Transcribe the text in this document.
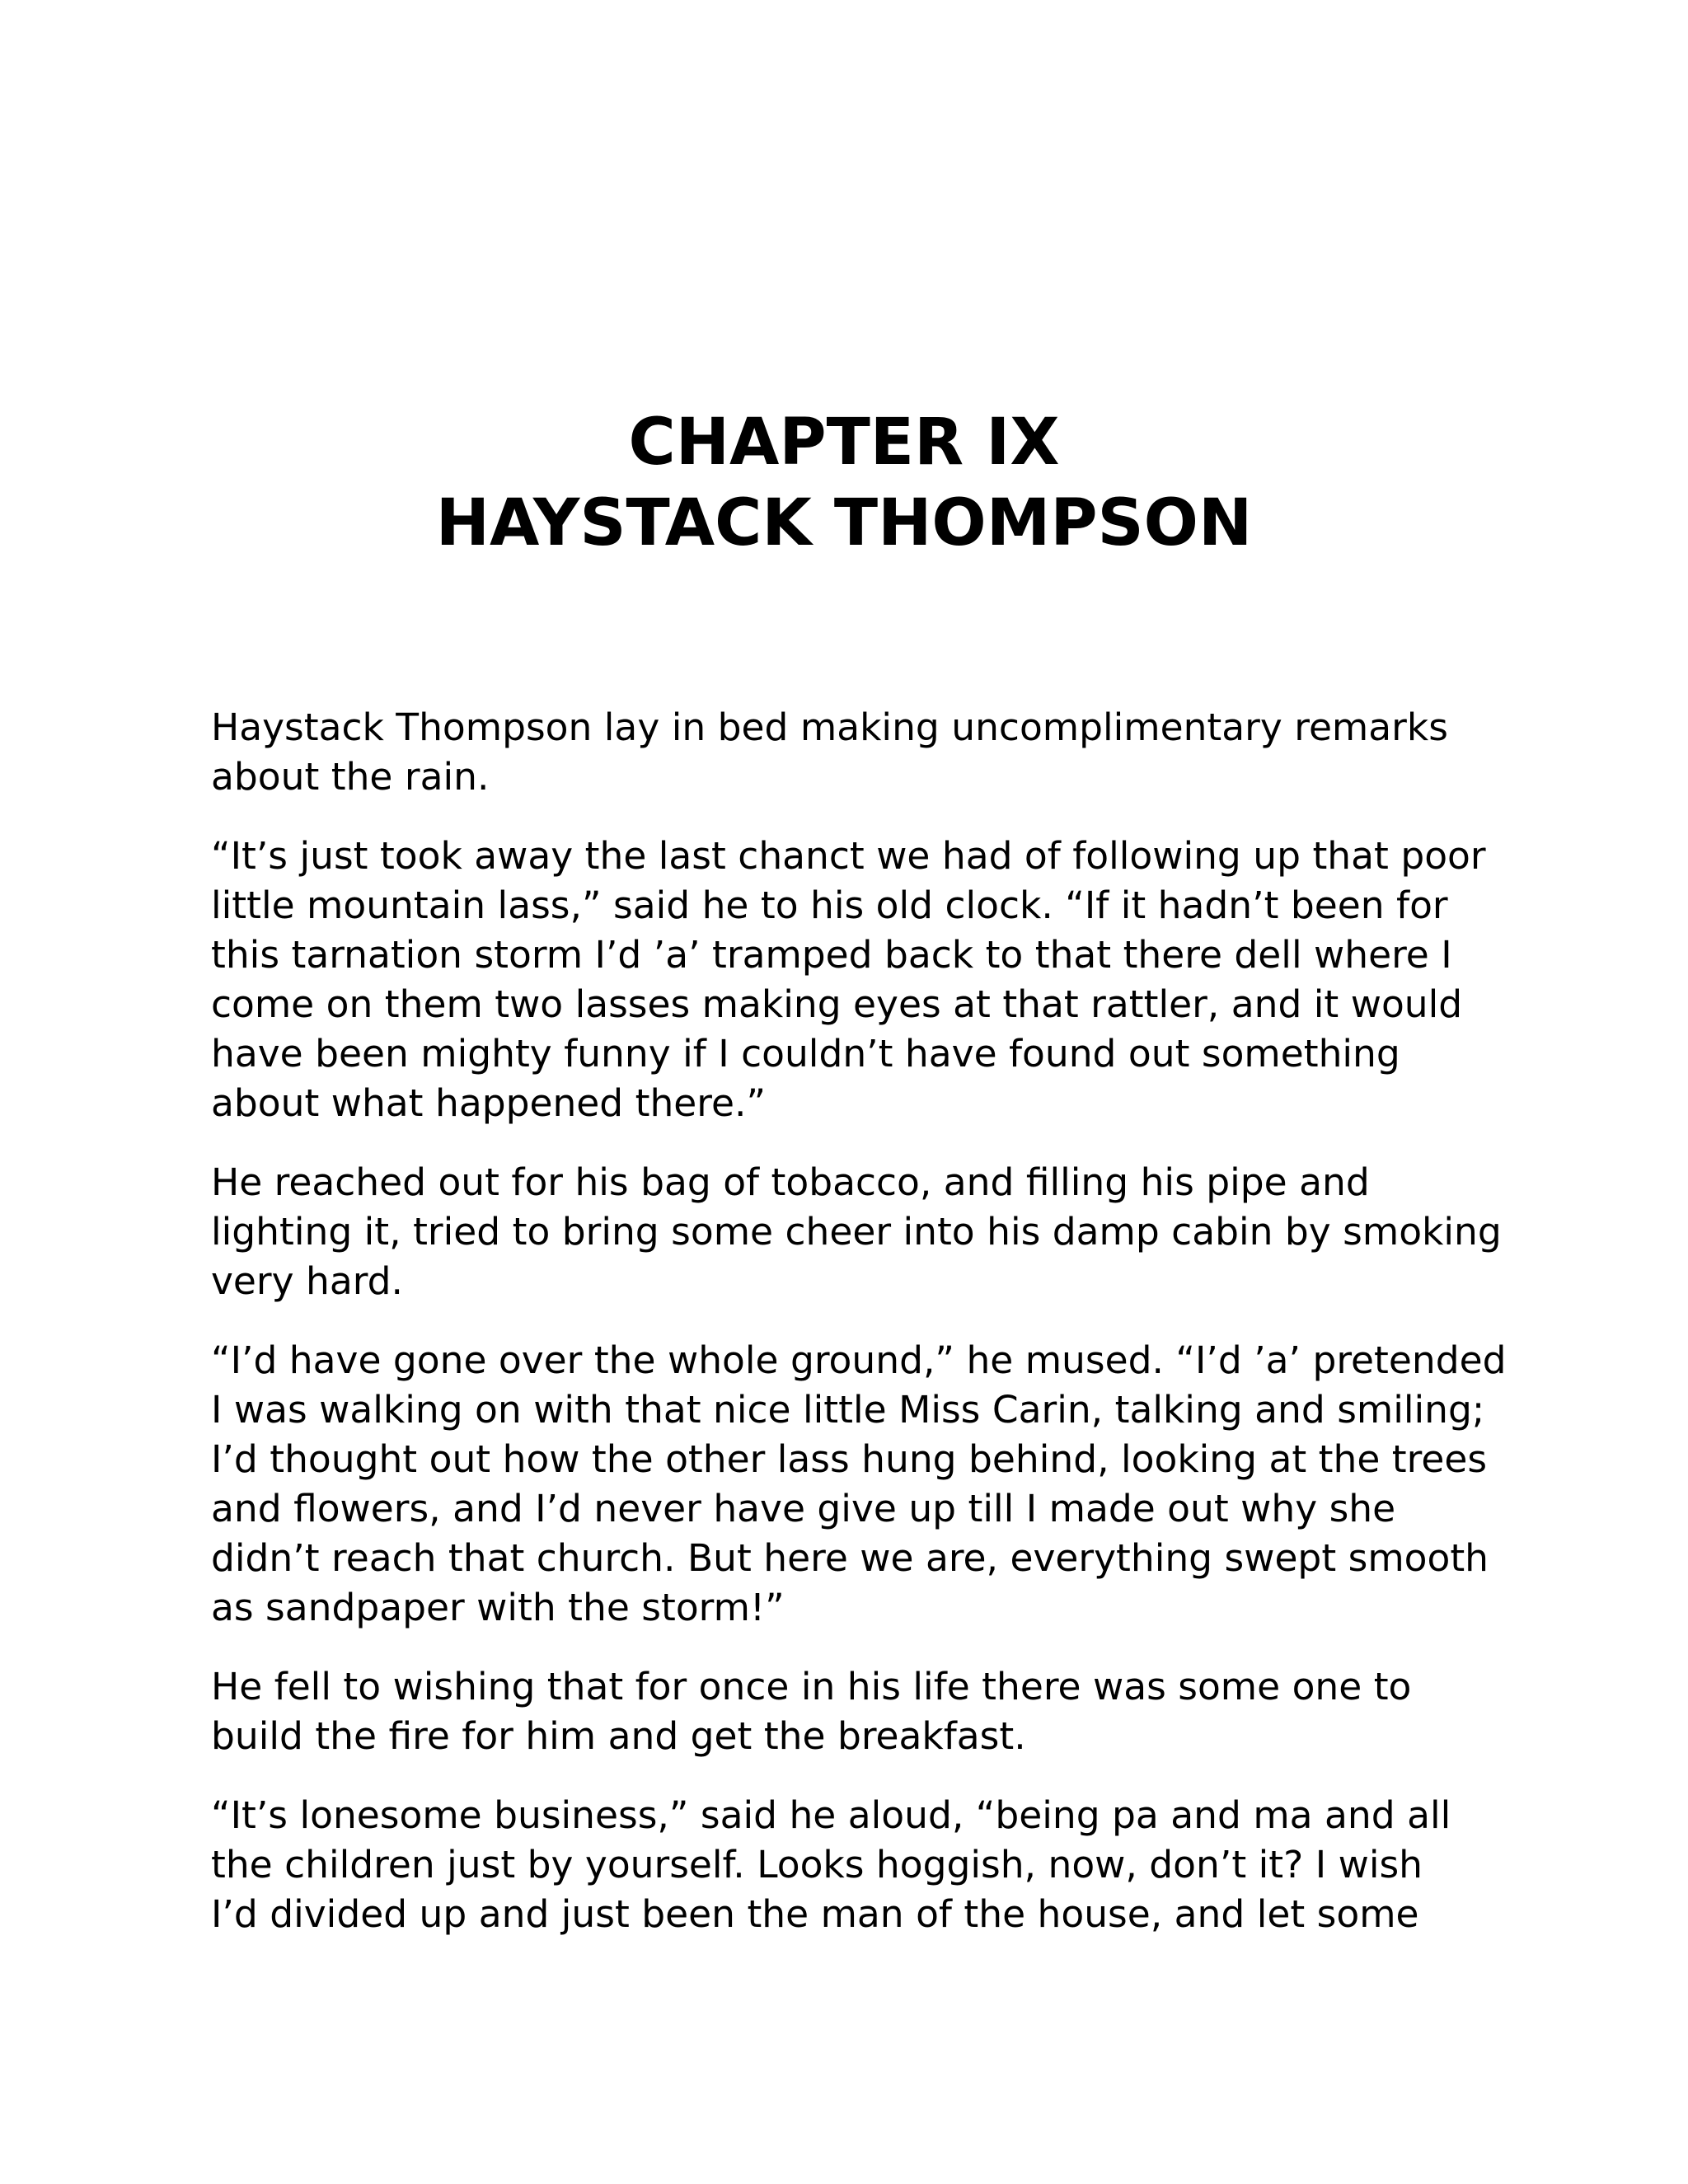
CHAPTER IX
HAYSTACK THOMPSON
Haystack Thompson lay in bed making uncomplimentary remarks
about the rain.
“It’s just took away the last chanct we had of following up that poor
little mountain lass,” said he to his old clock. “If it hadn’t been for
this tarnation storm I’d ’a’ tramped back to that there dell where I
come on them two lasses making eyes at that rattler, and it would
have been mighty funny if I couldn’t have found out something
about what happened there.”
He reached out for his bag of tobacco, and filling his pipe and
lighting it, tried to bring some cheer into his damp cabin by smoking
very hard.
“I’d have gone over the whole ground,” he mused. “I’d ’a’ pretended
I was walking on with that nice little Miss Carin, talking and smiling;
I’d thought out how the other lass hung behind, looking at the trees
and flowers, and I’d never have give up till I made out why she
didn’t reach that church. But here we are, everything swept smooth
as sandpaper with the storm!”
He fell to wishing that for once in his life there was some one to
build the fire for him and get the breakfast.
“It’s lonesome business,” said he aloud, “being pa and ma and all
the children just by yourself. Looks hoggish, now, don’t it? I wish
I’d divided up and just been the man of the house, and let some
